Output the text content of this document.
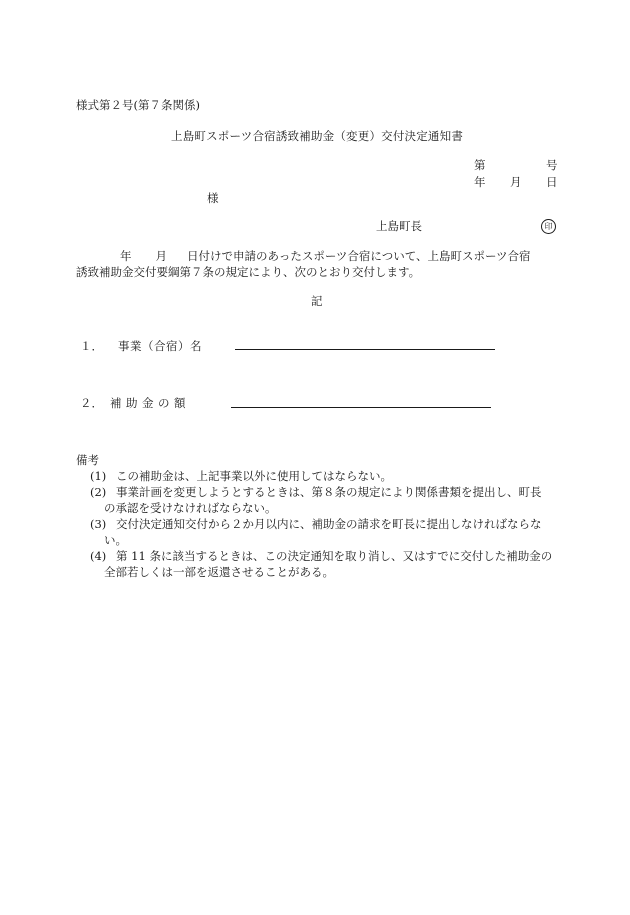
様式第２号(第７条関係)
上島町スポーツ合宿誘致補助金（変更）交付決定通知書
第	号
年 月 日
様
上島町長	印
年 月 日付けで申請のあったスポーツ合宿について、上島町スポーツ合宿
誘致補助金交付要綱第７条の規定により、次のとおり交付します。
記
１． 事業（合宿）名
２． 補助金の額
備考
(1) この補助金は、上記事業以外に使用してはならない。
(2) 事業計画を変更しようとするときは、第８条の規定により関係書類を提出し、町長
の承認を受けなければならない。
(3) 交付決定通知交付から２か月以内に、補助金の請求を町長に提出しなければならな
い。
(4) 第 11 条に該当するときは、この決定通知を取り消し、又はすでに交付した補助金の
全部若しくは一部を返還させることがある。
